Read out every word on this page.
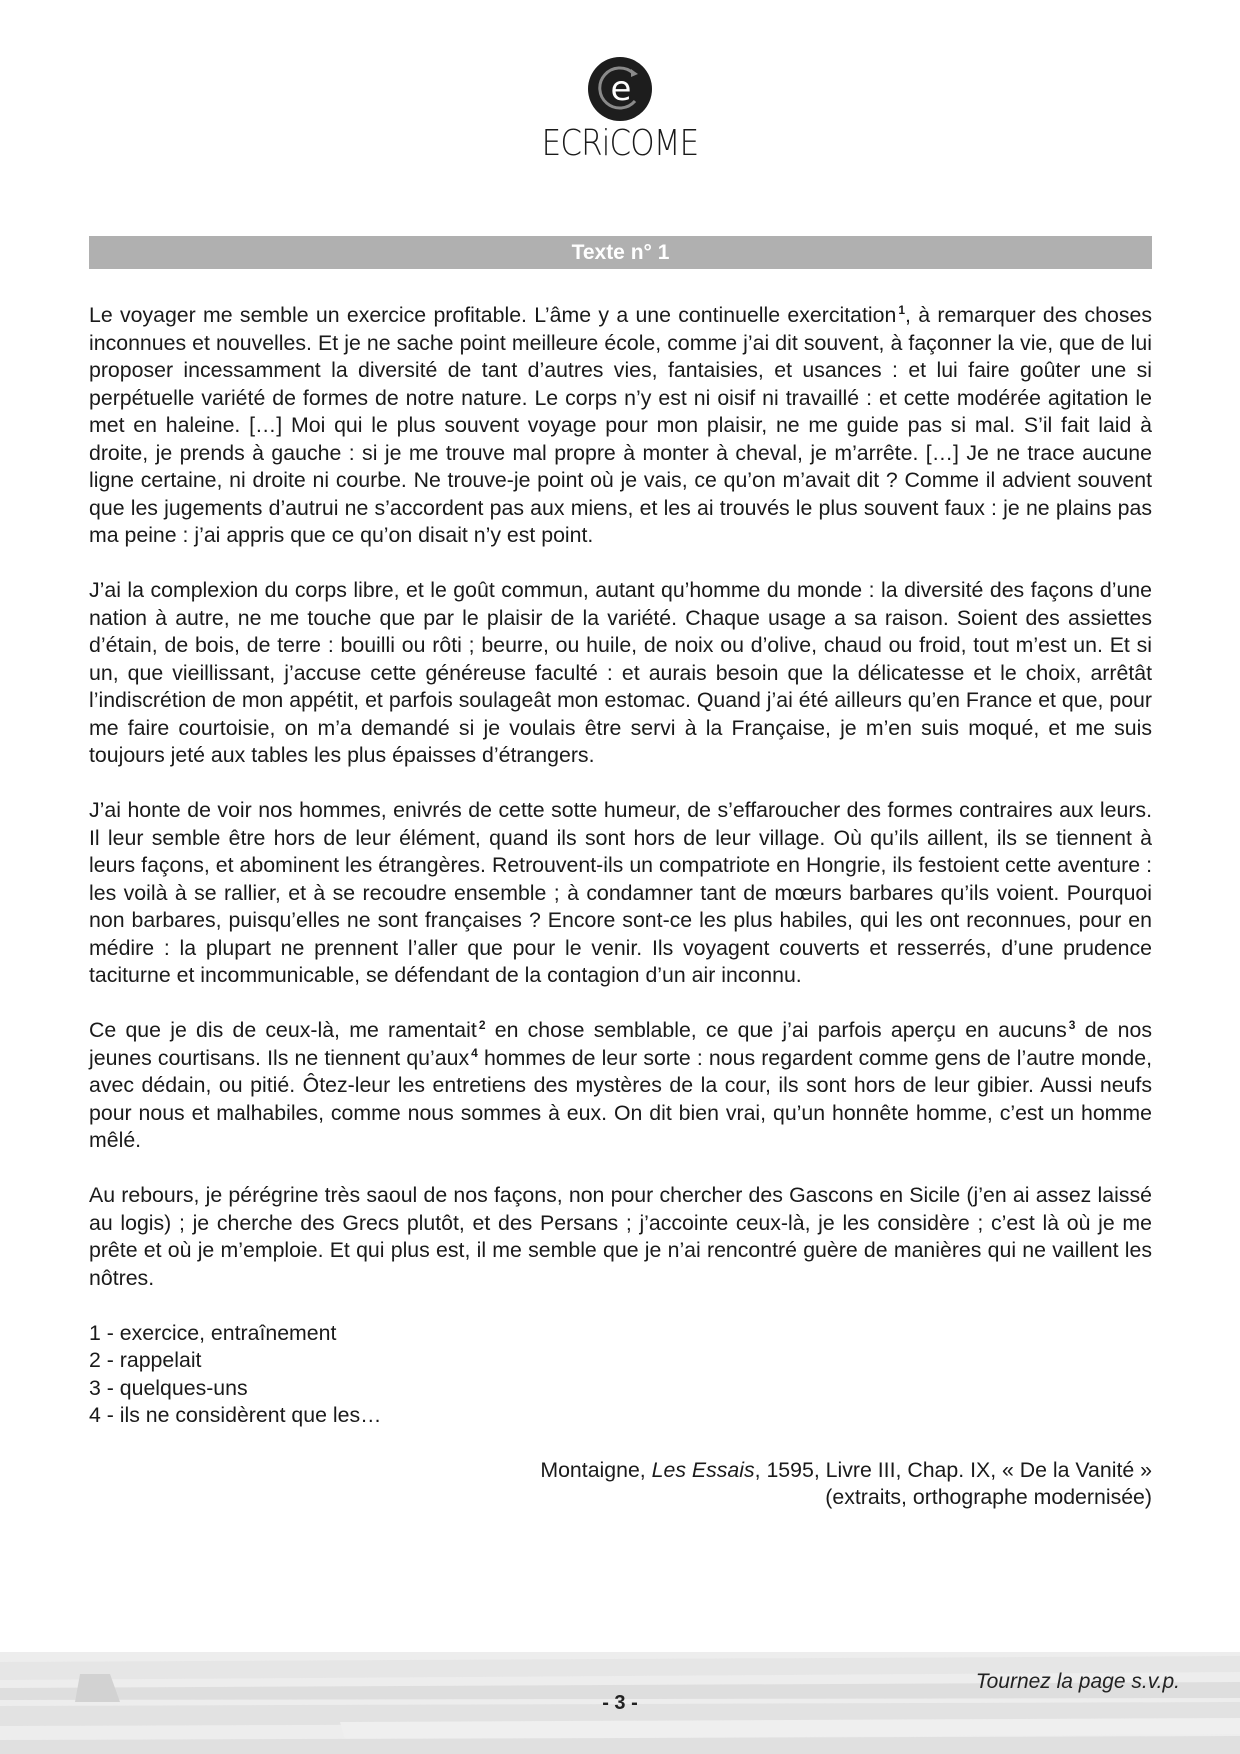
e
ECRiCOME
Texte n° 1

Le voyager me semble un exercice profitable. L’âme y a une continuelle exercitation $^1$, à remarquer des choses inconnues et nouvelles. Et je ne sache point meilleure école, comme j’ai dit souvent, à façonner la vie, que de lui proposer incessamment la diversité de tant d’autres vies, fantaisies, et usances : et lui faire goûter une si perpétuelle variété de formes de notre nature. Le corps n’y est ni oisif ni travaillé : et cette modérée agitation le met en haleine. […] Moi qui le plus souvent voyage pour mon plaisir, ne me guide pas si mal. S’il fait laid à droite, je prends à gauche : si je me trouve mal propre à monter à cheval, je m’arrête. […] Je ne trace aucune ligne certaine, ni droite ni courbe. Ne trouve-je point où je vais, ce qu’on m’avait dit ? Comme il advient souvent que les jugements d’autrui ne s’accordent pas aux miens, et les ai trouvés le plus souvent faux : je ne plains pas ma peine : j’ai appris que ce qu’on disait n’y est point.

J’ai la complexion du corps libre, et le goût commun, autant qu’homme du monde : la diversité des façons d’une nation à autre, ne me touche que par le plaisir de la variété. Chaque usage a sa raison. Soient des assiettes d’étain, de bois, de terre : bouilli ou rôti ; beurre, ou huile, de noix ou d’olive, chaud ou froid, tout m’est un. Et si un, que vieillissant, j’accuse cette généreuse faculté : et aurais besoin que la délicatesse et le choix, arrêtât l’indiscrétion de mon appétit, et parfois soulageât mon estomac. Quand j’ai été ailleurs qu’en France et que, pour me faire courtoisie, on m’a demandé si je voulais être servi à la Française, je m’en suis moqué, et me suis toujours jeté aux tables les plus épaisses d’étrangers.

J’ai honte de voir nos hommes, enivrés de cette sotte humeur, de s’effaroucher des formes contraires aux leurs. Il leur semble être hors de leur élément, quand ils sont hors de leur village. Où qu’ils aillent, ils se tiennent à leurs façons, et abominent les étrangères. Retrouvent-ils un compatriote en Hongrie, ils festoient cette aventure : les voilà à se rallier, et à se recoudre ensemble ; à condamner tant de mœurs barbares qu’ils voient. Pourquoi non barbares, puisqu’elles ne sont françaises ? Encore sont-ce les plus habiles, qui les ont reconnues, pour en médire : la plupart ne prennent l’aller que pour le venir. Ils voyagent couverts et resserrés, d’une prudence taciturne et incommunicable, se défendant de la contagion d’un air inconnu.

Ce que je dis de ceux-là, me ramentait $^2$ en chose semblable, ce que j’ai parfois aperçu en aucuns $^3$ de nos jeunes courtisans. Ils ne tiennent qu’aux $^4$ hommes de leur sorte : nous regardent comme gens de l’autre monde, avec dédain, ou pitié. Ôtez-leur les entretiens des mystères de la cour, ils sont hors de leur gibier. Aussi neufs pour nous et malhabiles, comme nous sommes à eux. On dit bien vrai, qu’un honnête homme, c’est un homme mêlé.

Au rebours, je pérégrine très saoul de nos façons, non pour chercher des Gascons en Sicile (j’en ai assez laissé au logis) ; je cherche des Grecs plutôt, et des Persans ; j’accointe ceux-là, je les considère ; c’est là où je me prête et où je m’emploie. Et qui plus est, il me semble que je n’ai rencontré guère de manières qui ne vaillent les nôtres.

1 - exercice, entraînement
2 - rappelait
3 - quelques-uns
4 - ils ne considèrent que les…
Montaigne, Les Essais, 1595, Livre III, Chap. IX, « De la Vanité »
(extraits, orthographe modernisée)
Tournez la page s.v.p.
- 3 -
